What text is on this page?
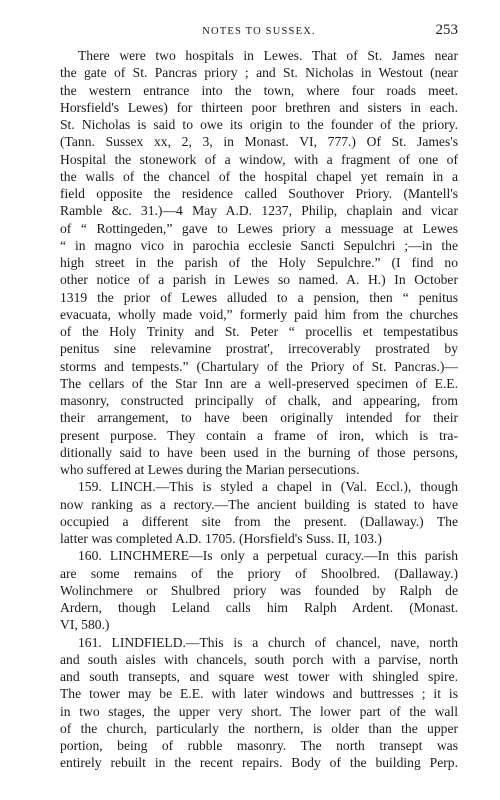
NOTES TO SUSSEX.	253
There were two hospitals in Lewes. That of St. James near
the gate of St. Pancras priory ; and St. Nicholas in Westout (near
the western entrance into the town, where four roads meet.
Horsfield's Lewes) for thirteen poor brethren and sisters in each.
St. Nicholas is said to owe its origin to the founder of the priory.
(Tann. Sussex xx, 2, 3, in Monast. VI, 777.) Of St. James's
Hospital the stonework of a window, with a fragment of one of
the walls of the chancel of the hospital chapel yet remain in a
field opposite the residence called Southover Priory. (Mantell's
Ramble &c. 31.)—4 May A.D. 1237, Philip, chaplain and vicar
of “ Rottingeden,” gave to Lewes priory a messuage at Lewes
“ in magno vico in parochia ecclesie Sancti Sepulchri ;—in the
high street in the parish of the Holy Sepulchre.” (I find no
other notice of a parish in Lewes so named. A. H.) In October
1319 the prior of Lewes alluded to a pension, then “ penitus
evacuata, wholly made void,” formerly paid him from the churches
of the Holy Trinity and St. Peter “ procellis et tempestatibus
penitus sine relevamine prostrat', irrecoverably prostrated by
storms and tempests.” (Chartulary of the Priory of St. Pancras.)—
The cellars of the Star Inn are a well-preserved specimen of E.E.
masonry, constructed principally of chalk, and appearing, from
their arrangement, to have been originally intended for their
present purpose. They contain a frame of iron, which is tra-
ditionally said to have been used in the burning of those persons,
who suffered at Lewes during the Marian persecutions.
159. LINCH.—This is styled a chapel in (Val. Eccl.), though
now ranking as a rectory.—The ancient building is stated to have
occupied a different site from the present. (Dallaway.) The
latter was completed A.D. 1705. (Horsfield's Suss. II, 103.)
160. LINCHMERE—Is only a perpetual curacy.—In this parish
are some remains of the priory of Shoolbred. (Dallaway.)
Wolinchmere or Shulbred priory was founded by Ralph de
Ardern, though Leland calls him Ralph Ardent. (Monast.
VI, 580.)
161. LINDFIELD.—This is a church of chancel, nave, north
and south aisles with chancels, south porch with a parvise, north
and south transepts, and square west tower with shingled spire.
The tower may be E.E. with later windows and buttresses ; it is
in two stages, the upper very short. The lower part of the wall
of the church, particularly the northern, is older than the upper
portion, being of rubble masonry. The north transept was
entirely rebuilt in the recent repairs. Body of the building Perp.
